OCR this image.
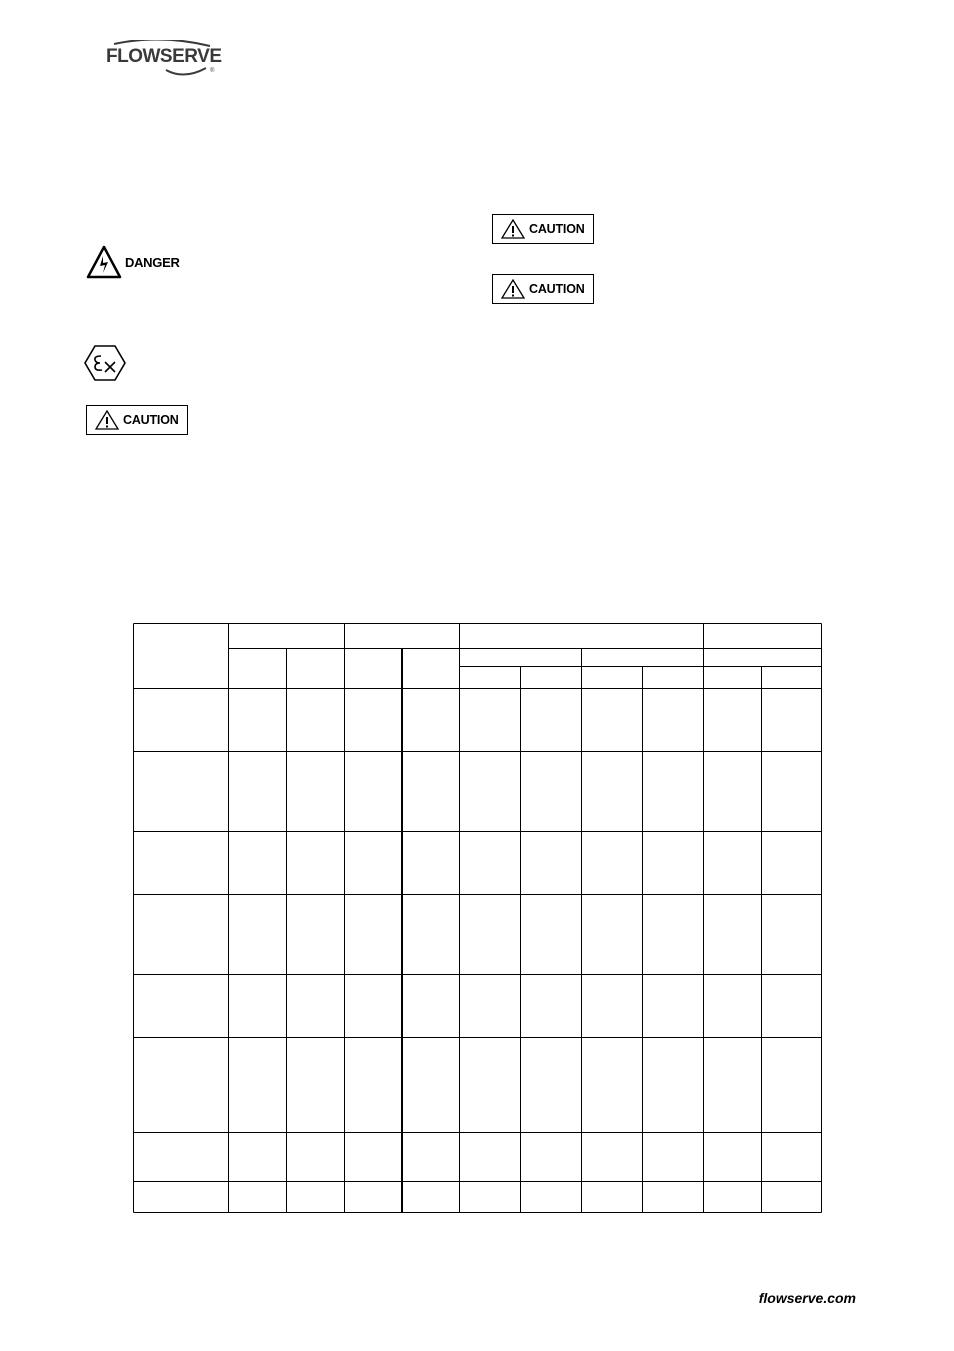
FLOWSERVE
®
CAUTION
CAUTION
DANGER
CAUTION
flowserve.com
